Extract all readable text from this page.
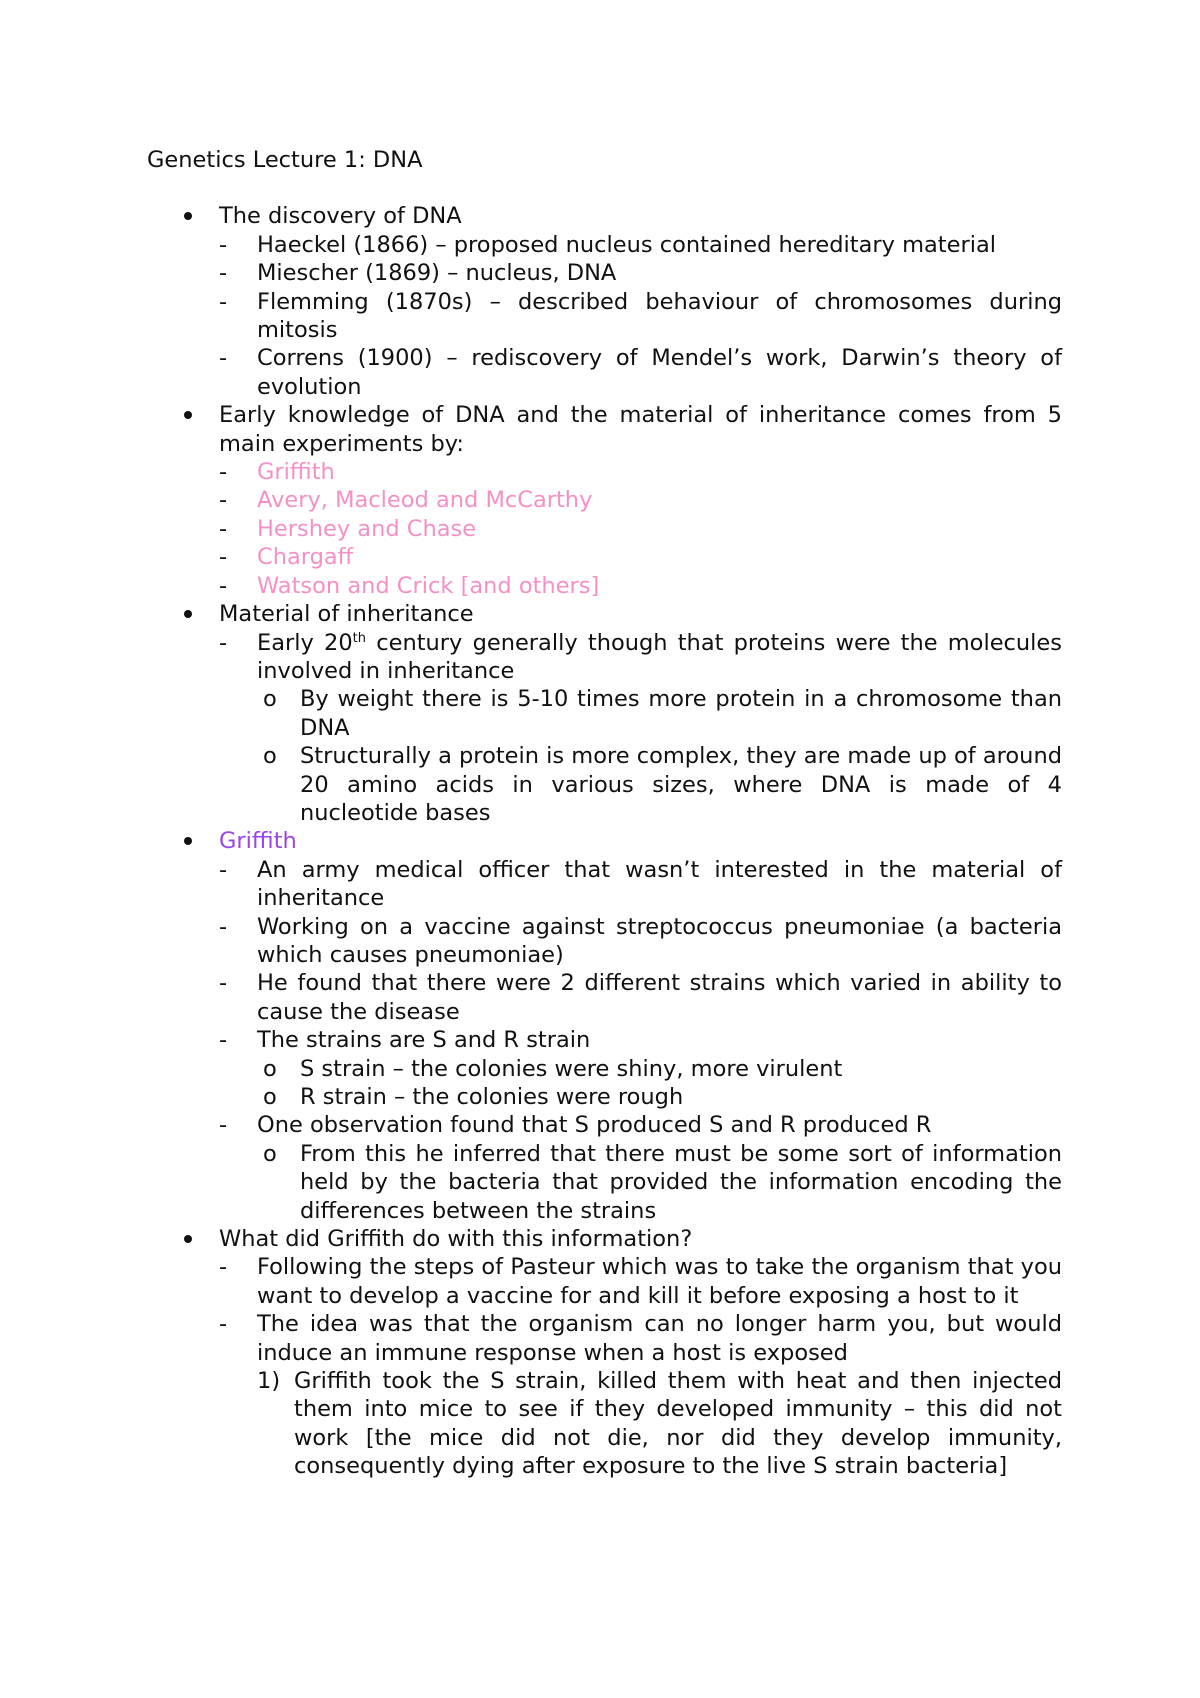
Genetics Lecture 1: DNA
The discovery of DNA
- Haeckel (1866) – proposed nucleus contained hereditary material
- Miescher (1869) – nucleus, DNA
- Flemming (1870s) – described behaviour of chromosomes during mitosis
- Correns (1900) – rediscovery of Mendel’s work, Darwin’s theory of evolution
Early knowledge of DNA and the material of inheritance comes from 5 main experiments by:
- Griffith
- Avery, Macleod and McCarthy
- Hershey and Chase
- Chargaff
- Watson and Crick [and others]
Material of inheritance
- Early 20th century generally though that proteins were the molecules involved in inheritance
o By weight there is 5-10 times more protein in a chromosome than DNA
o Structurally a protein is more complex, they are made up of around 20 amino acids in various sizes, where DNA is made of 4 nucleotide bases
Griffith
- An army medical officer that wasn’t interested in the material of inheritance
- Working on a vaccine against streptococcus pneumoniae (a bacteria which causes pneumoniae)
- He found that there were 2 different strains which varied in ability to cause the disease
- The strains are S and R strain
o S strain – the colonies were shiny, more virulent
o R strain – the colonies were rough
- One observation found that S produced S and R produced R
o From this he inferred that there must be some sort of information held by the bacteria that provided the information encoding the differences between the strains
What did Griffith do with this information?
- Following the steps of Pasteur which was to take the organism that you want to develop a vaccine for and kill it before exposing a host to it
- The idea was that the organism can no longer harm you, but would induce an immune response when a host is exposed
1) Griffith took the S strain, killed them with heat and then injected them into mice to see if they developed immunity – this did not work [the mice did not die, nor did they develop immunity, consequently dying after exposure to the live S strain bacteria]
